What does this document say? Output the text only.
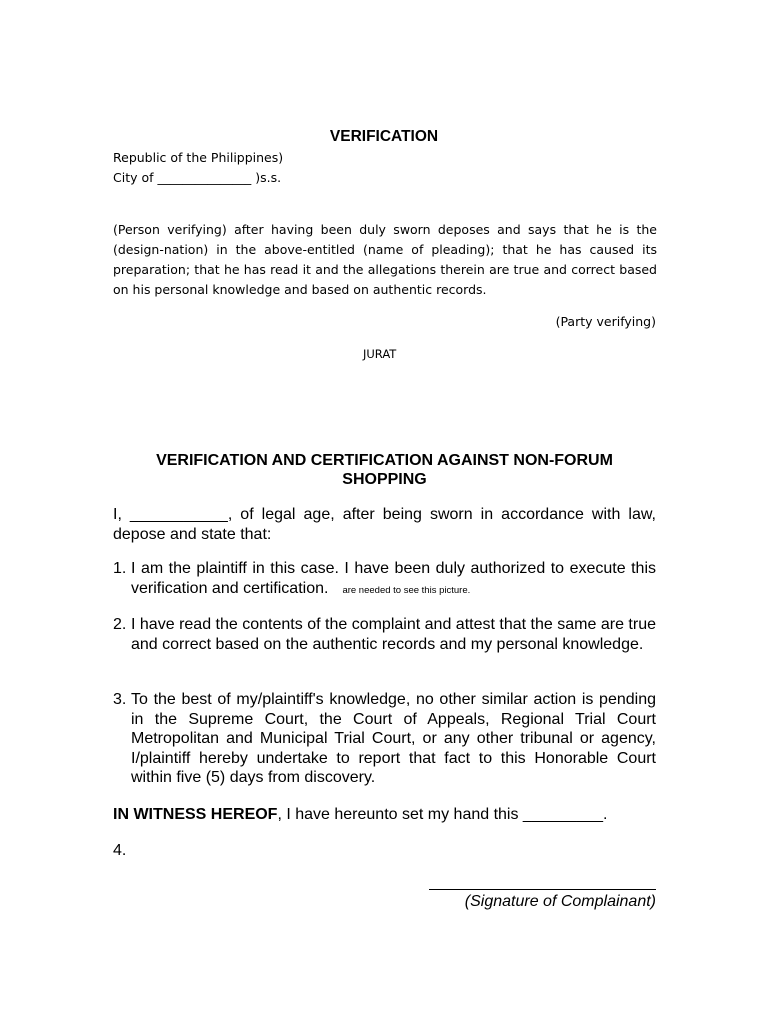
VERIFICATION
Republic of the Philippines)
City of _______________ )s.s.
(Person verifying) after having been duly sworn deposes and says that he is the (design-nation) in the above-entitled (name of pleading); that he has caused its preparation; that he has read it and the allegations therein are true and correct based on his personal knowledge and based on authentic records.
(Party verifying)
JURAT
VERIFICATION AND CERTIFICATION AGAINST NON-FORUM SHOPPING
I, ___________, of legal age, after being sworn in accordance with law, depose and state that:
1. I am the plaintiff in this case. I have been duly authorized to execute this verification and certification. are needed to see this picture.
2. I have read the contents of the complaint and attest that the same are true and correct based on the authentic records and my personal knowledge.
3. To the best of my/plaintiff's knowledge, no other similar action is pending in the Supreme Court, the Court of Appeals, Regional Trial Court Metropolitan and Municipal Trial Court, or any other tribunal or agency, I/plaintiff hereby undertake to report that fact to this Honorable Court within five (5) days from discovery.
IN WITNESS HEREOF, I have hereunto set my hand this _________.
4.
(Signature of Complainant)
